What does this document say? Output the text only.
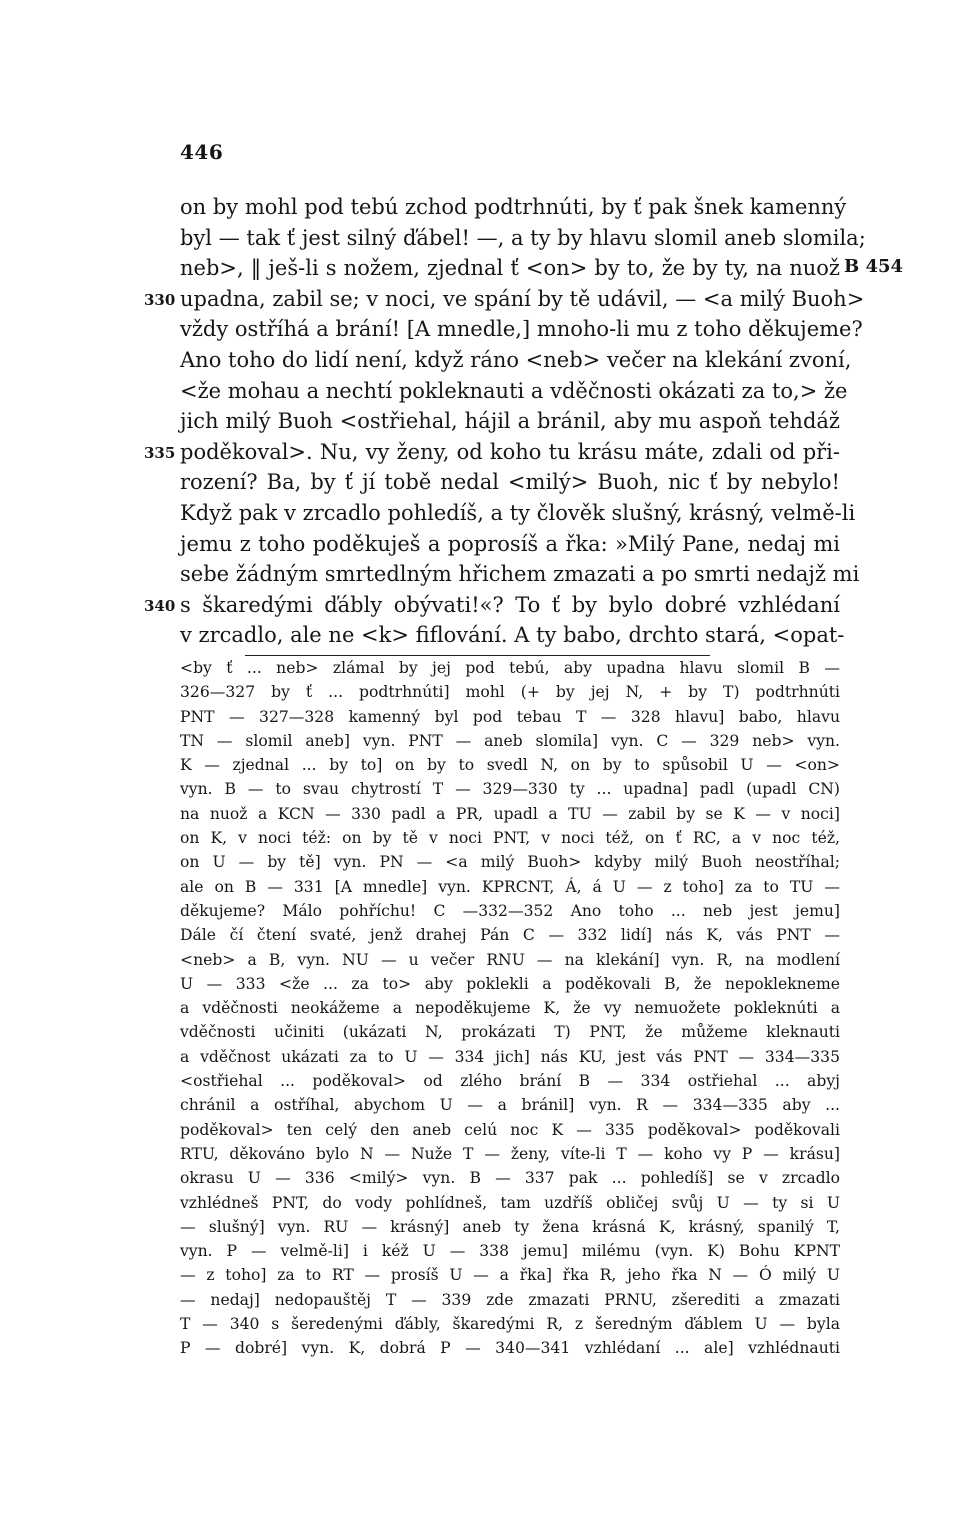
446
B 454
on by mohl pod tebú zchod podtrhnúti, by ť pak šnek kamenný
byl — tak ť jest silný ďábel! —, a ty by hlavu slomil aneb slomila;
neb>, ‖ ješ-li s nožem, zjednal ť <on> by to, že by ty, na nuož
330 upadna, zabil se; v noci, ve spání by tě udávil, — <a milý Buoh>
vždy ostříhá a brání! [A mnedle,] mnoho-li mu z toho děkujeme?
Ano toho do lidí není, když ráno <neb> večer na klekání zvoní,
<že mohau a nechtí pokleknauti a vděčnosti okázati za to,> že
jich milý Buoh <ostřiehal, hájil a bránil, aby mu aspoň tehdáž
335 poděkoval>. Nu, vy ženy, od koho tu krásu máte, zdali od při-
rození? Ba, by ť jí tobě nedal <milý> Buoh, nic ť by nebylo!
Když pak v zrcadlo pohledíš, a ty člověk slušný, krásný, velmě-li
jemu z toho poděkuješ a poprosíš a řka: »Milý Pane, nedaj mi
sebe žádným smrtedlným hřichem zmazati a po smrti nedajž mi
340 s škaredými ďábly obývati!«? To ť by bylo dobré vzhlédaní
v zrcadlo, ale ne <k> fiflování. A ty babo, drchto stará, <opat-
<by ť ... neb> zlámal by jej pod tebú, aby upadna hlavu slomil B —
326—327 by ť ... podtrhnúti] mohl (+ by jej N, + by T) podtrhnúti
PNT — 327—328 kamenný byl pod tebau T — 328 hlavu] babo, hlavu
TN — slomil aneb] vyn. PNT — aneb slomila] vyn. C — 329 neb> vyn.
K — zjednal ... by to] on by to svedl N, on by to spůsobil U — <on>
vyn. B — to svau chytrostí T — 329—330 ty ... upadna] padl (upadl CN)
na nuož a KCN — 330 padl a PR, upadl a TU — zabil by se K — v noci]
on K, v noci též: on by tě v noci PNT, v noci též, on ť RC, a v noc též,
on U — by tě] vyn. PN — <a milý Buoh> kdyby milý Buoh neostříhal;
ale on B — 331 [A mnedle] vyn. KPRCNT, Á, á U — z toho] za to TU —
děkujeme? Málo pohříchu! C —332—352 Ano toho ... neb jest jemu]
Dále čí čtení svaté, jenž drahej Pán C — 332 lidí] nás K, vás PNT —
<neb> a B, vyn. NU — u večer RNU — na klekání] vyn. R, na modlení
U — 333 <že ... za to> aby poklekli a poděkovali B, že nepoklekneme
a vděčnosti neokážeme a nepoděkujeme K, že vy nemuožete pokleknúti a
vděčnosti učiniti (ukázati N, prokázati T) PNT, že můžeme kleknauti
a vděčnost ukázati za to U — 334 jich] nás KU, jest vás PNT — 334—335
<ostřiehal ... poděkoval> od zlého brání B — 334 ostřiehal ... abyj
chránil a ostříhal, abychom U — a bránil] vyn. R — 334—335 aby ...
poděkoval> ten celý den aneb celú noc K — 335 poděkoval> poděkovali
RTU, děkováno bylo N — Nuže T — ženy, víte-li T — koho vy P — krásu]
okrasu U — 336 <milý> vyn. B — 337 pak ... pohledíš] se v zrcadlo
vzhlédneš PNT, do vody pohlídneš, tam uzdříš obličej svůj U — ty si U
— slušný] vyn. RU — krásný] aneb ty žena krásná K, krásný, spanilý T,
vyn. P — velmě-li] i kéž U — 338 jemu] milému (vyn. K) Bohu KPNT
— z toho] za to RT — prosíš U — a řka] řka R, jeho řka N — Ó milý U
— nedaj] nedopauštěj T — 339 zde zmazati PRNU, zšerediti a zmazati
T — 340 s šeredenými ďábly, škaredými R, z šeredným ďáblem U — byla
P — dobré] vyn. K, dobrá P — 340—341 vzhlédaní ... ale] vzhlédnauti
